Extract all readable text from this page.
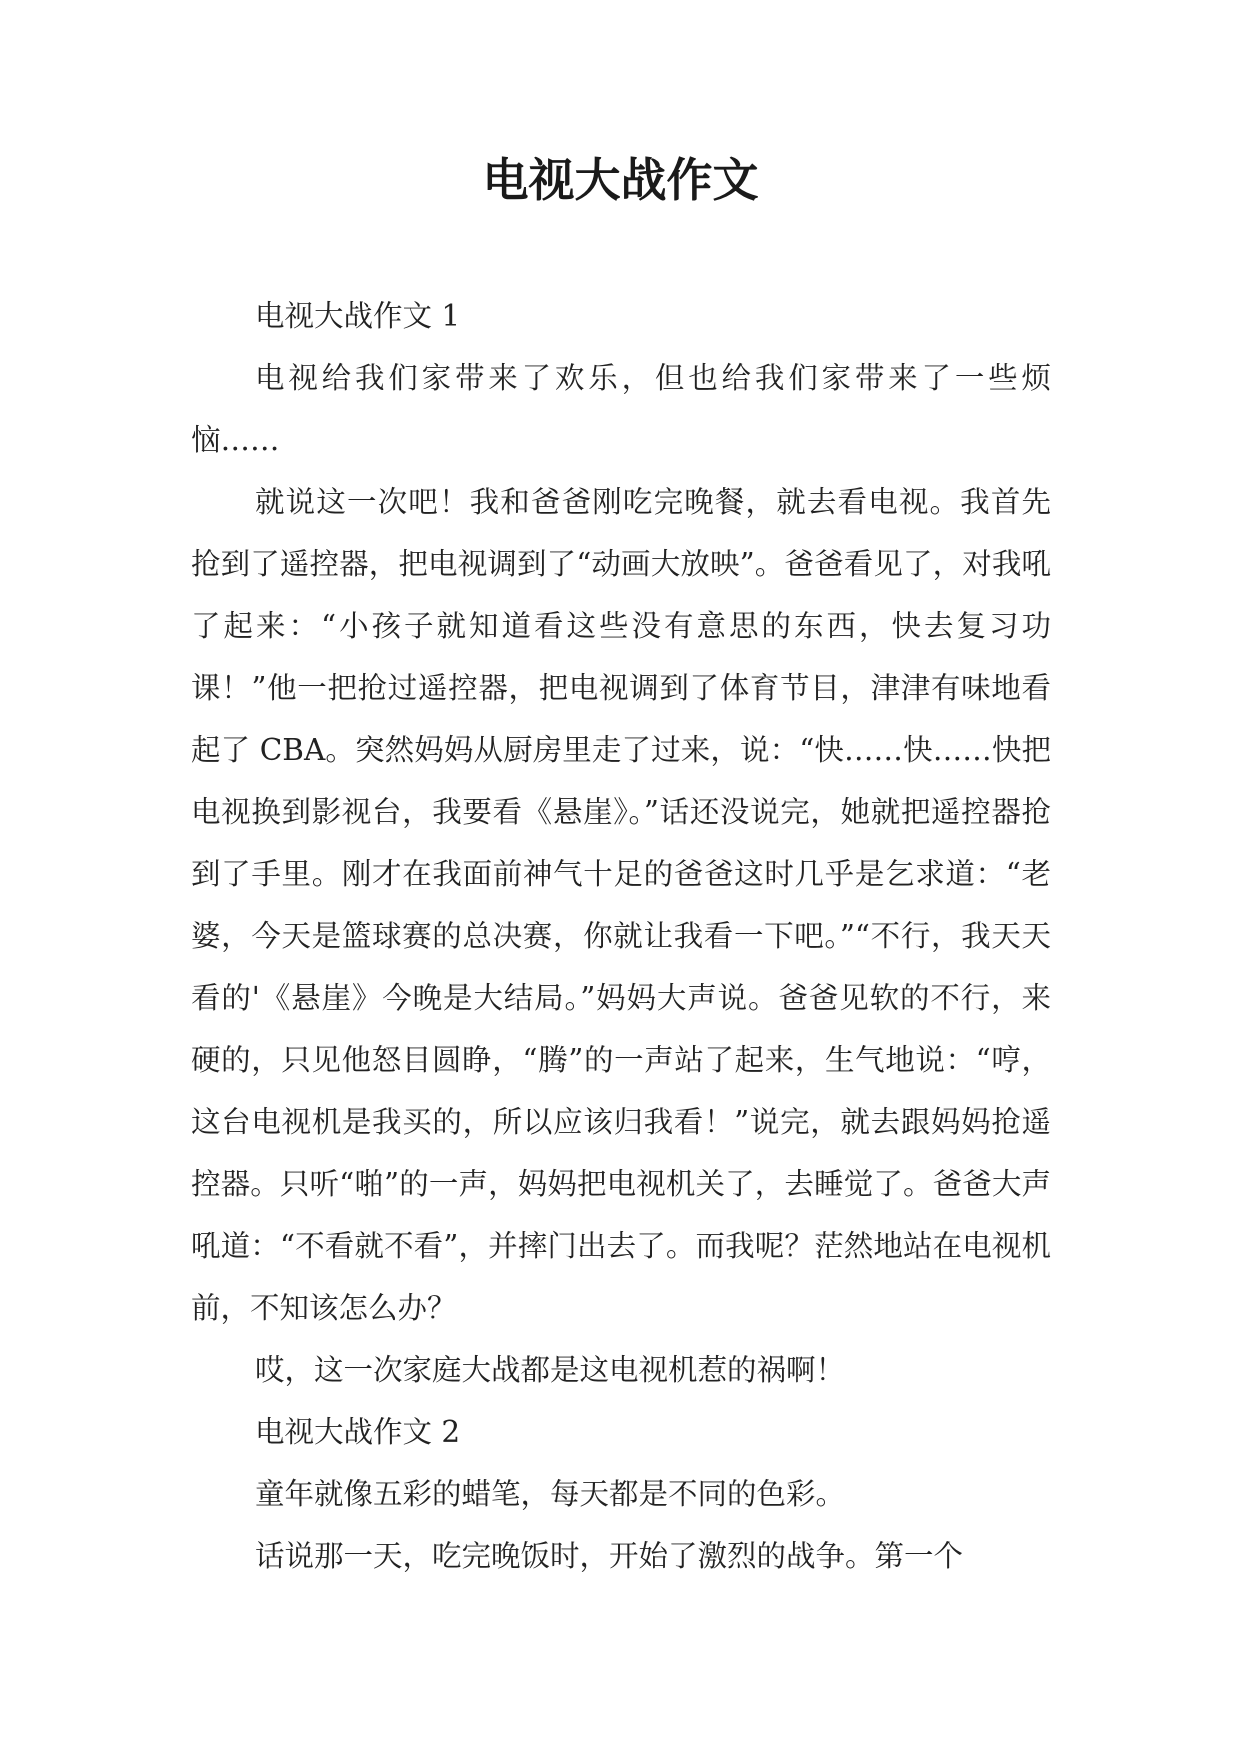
电视大战作文

电视大战作文 1

电视给我们家带来了欢乐，但也给我们家带来了一些烦恼……

就说这一次吧！我和爸爸刚吃完晚餐，就去看电视。我首先抢到了遥控器，把电视调到了“动画大放映”。爸爸看见了，对我吼了起来：“小孩子就知道看这些没有意思的东西，快去复习功课！”他一把抢过遥控器，把电视调到了体育节目，津津有味地看起了 CBA。突然妈妈从厨房里走了过来，说：“快……快……快把电视换到影视台，我要看《悬崖》。”话还没说完，她就把遥控器抢到了手里。刚才在我面前神气十足的爸爸这时几乎是乞求道：“老婆，今天是篮球赛的总决赛，你就让我看一下吧。”“不行，我天天看的'《悬崖》今晚是大结局。”妈妈大声说。爸爸见软的不行，来硬的，只见他怒目圆睁，“腾”的一声站了起来，生气地说：“哼，这台电视机是我买的，所以应该归我看！”说完，就去跟妈妈抢遥控器。只听“啪”的一声，妈妈把电视机关了，去睡觉了。爸爸大声吼道：“不看就不看”，并摔门出去了。而我呢？茫然地站在电视机前，不知该怎么办？

哎，这一次家庭大战都是这电视机惹的祸啊！

电视大战作文 2

童年就像五彩的蜡笔，每天都是不同的色彩。

话说那一天，吃完晚饭时，开始了激烈的战争。第一个
